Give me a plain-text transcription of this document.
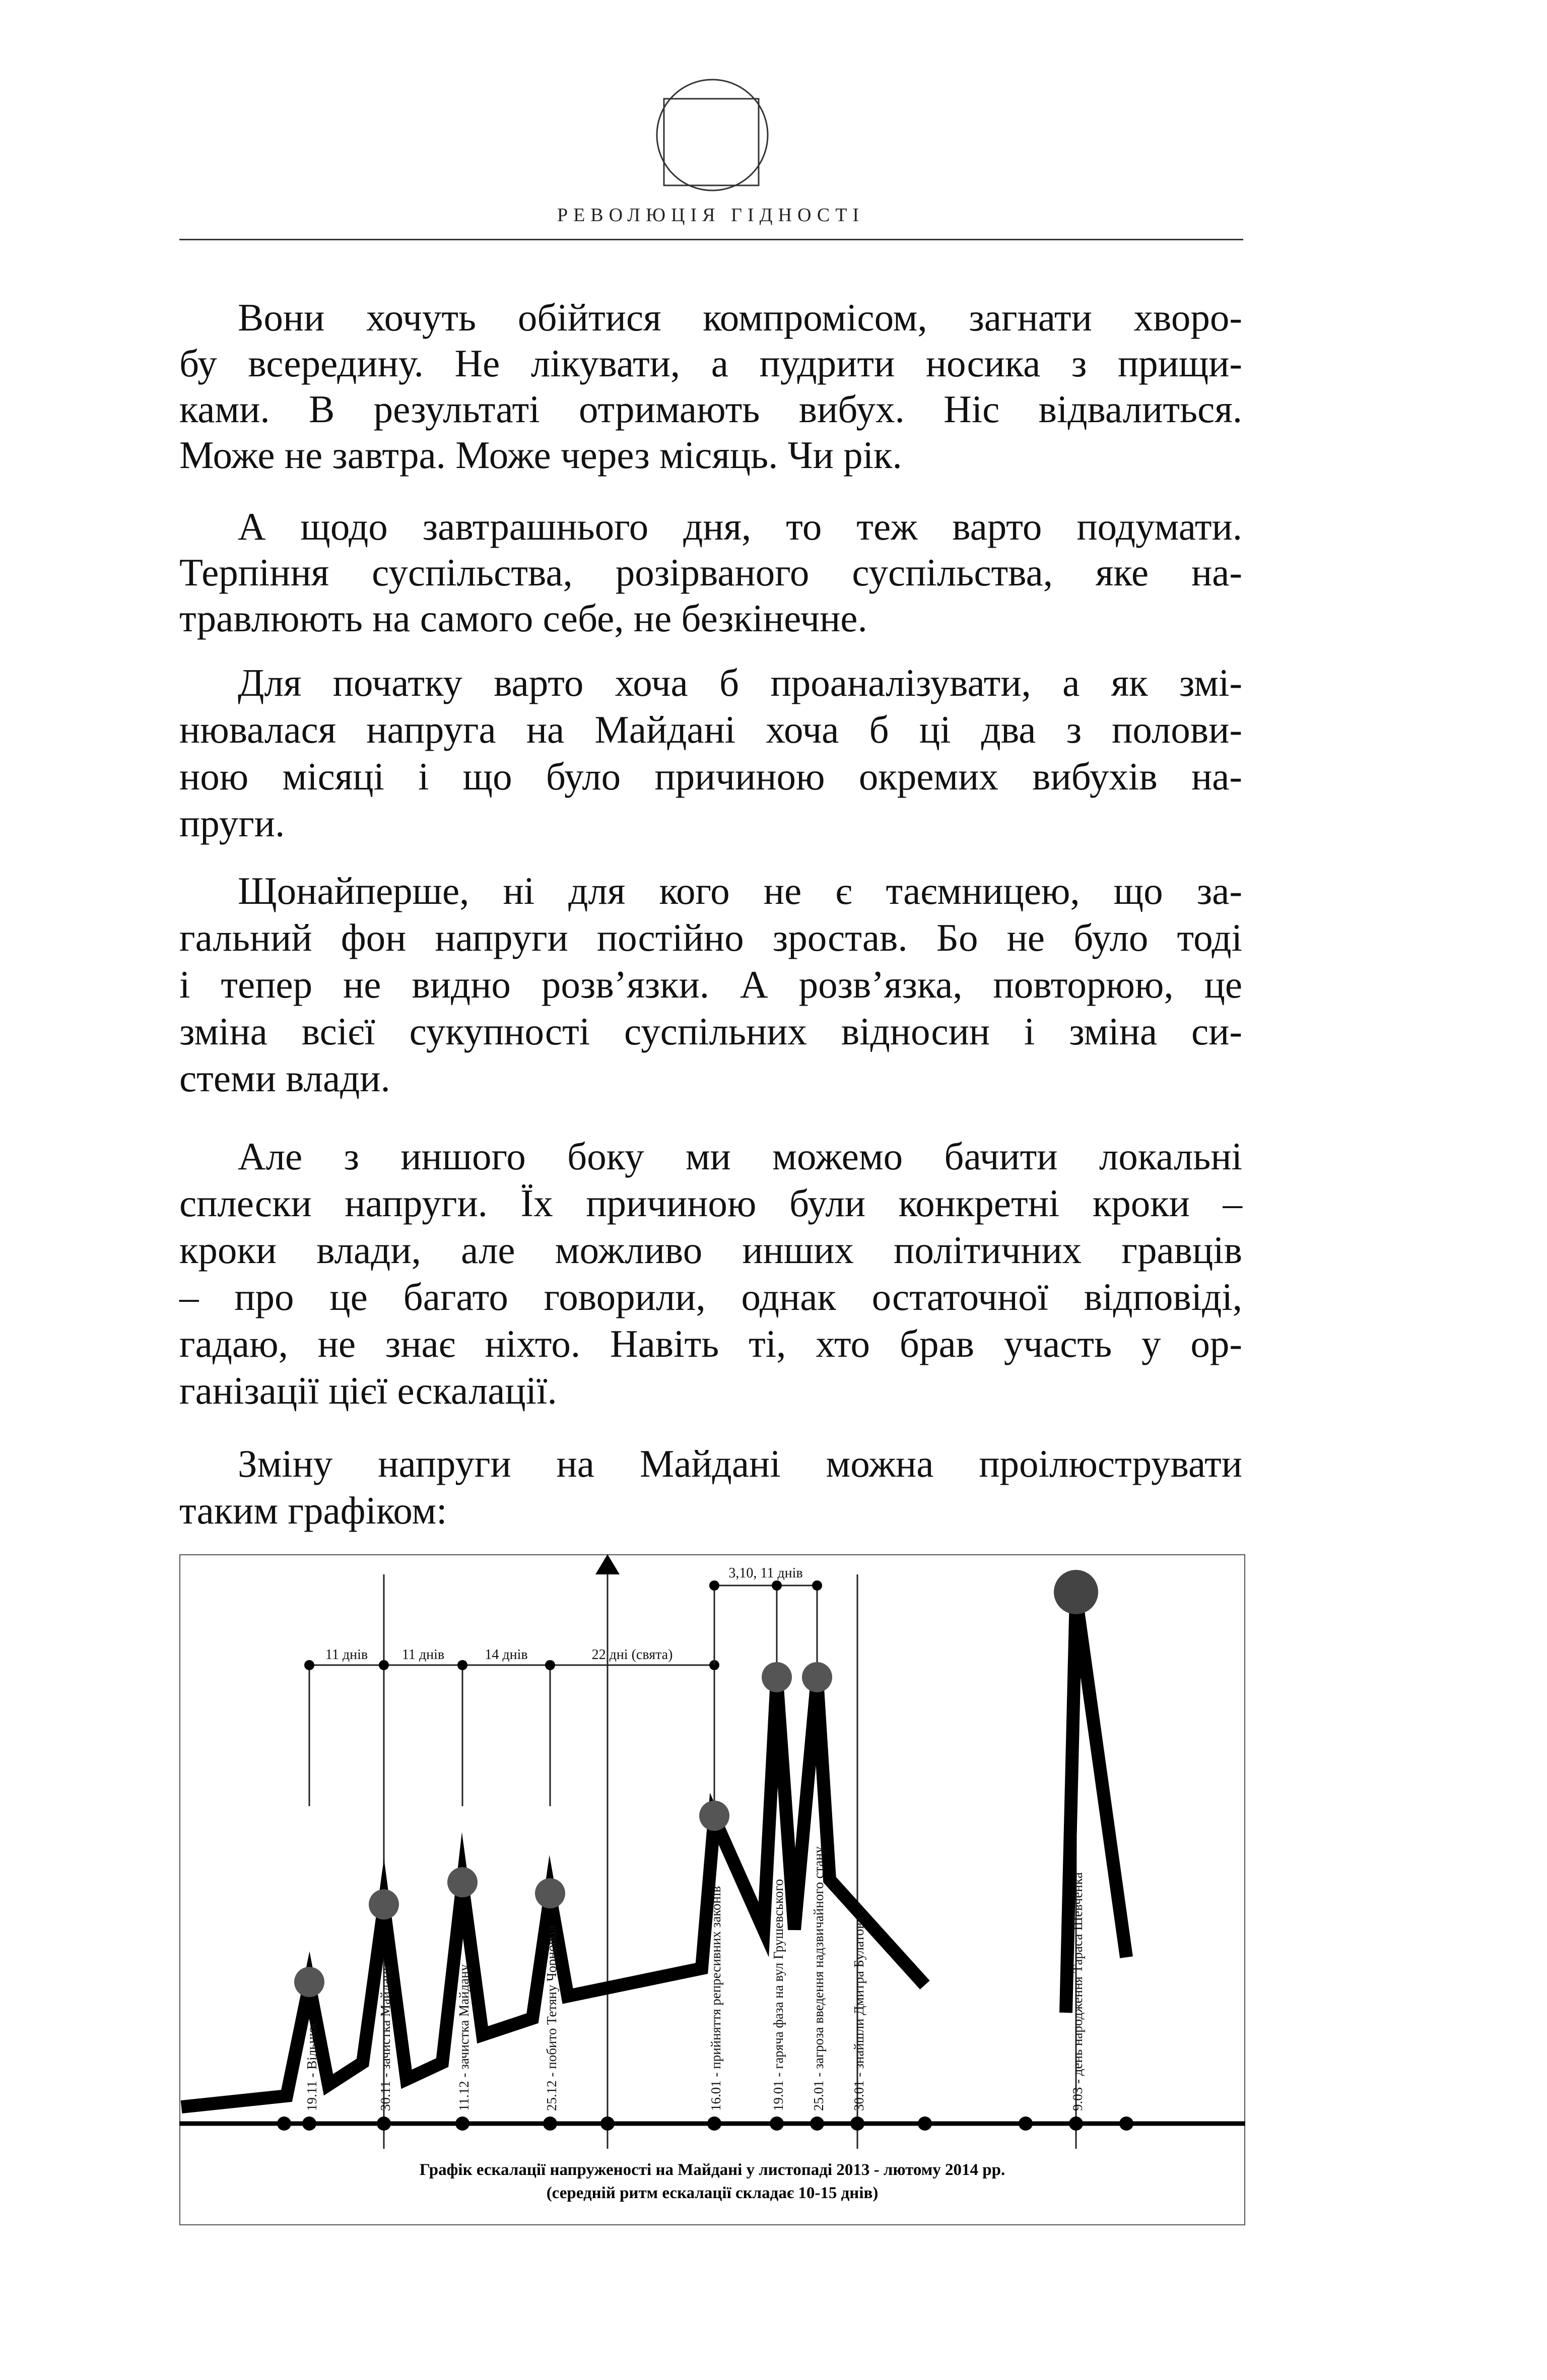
РЕВОЛЮЦІЯ ГІДНОСТІ
Вони хочуть обійтися компромісом, загнати хворо-
бу всередину. Не лікувати, а пудрити носика з прищи-
ками. В результаті отримають вибух. Ніс відвалиться.
Може не завтра. Може через місяць. Чи рік.
А щодо завтрашнього дня, то теж варто подумати.
Терпіння суспільства, розірваного суспільства, яке на-
травлюють на самого себе, не безкінечне.
Для початку варто хоча б проаналізувати, а як змі-
нювалася напруга на Майдані хоча б ці два з полови-
ною місяці і що було причиною окремих вибухів на-
пруги.
Щонайперше, ні для кого не є таємницею, що за-
гальний фон напруги постійно зростав. Бо не було тоді
і тепер не видно розв’язки. А розв’язка, повторюю, це
зміна всієї сукупності суспільних відносин і зміна си-
стеми влади.
Але з иншого боку ми можемо бачити локальні
сплески напруги. Їх причиною були конкретні кроки –
кроки влади, але можливо инших політичних гравців
– про це багато говорили, однак остаточної відповіді,
гадаю, не знає ніхто. Навіть ті, хто брав участь у ор-
ганізації цієї ескалації.
Зміну напруги на Майдані можна проілюструвати
таким графіком:
11 днів 11 днів	14 днів	22 дні (свята)
3,10, 11 днів
19.11 - Вільнюс	30.11 - зачистка Майдану	11.12 - зачистка Майдану	25.12 - побито Тетяну Чорновол	16.01 - прийняття репресивних законів	19.01 - гаряча фаза на вул Грушевського 25.01 - загроза введення надзвичайного стану 30.01 - знайшли Дмитра Булатова	9.03 - день народження Тараса Шевченка
Графік ескалації напруженості на Майдані у листопаді 2013 - лютому 2014 рр.
(середній ритм ескалації складає 10-15 днів)
